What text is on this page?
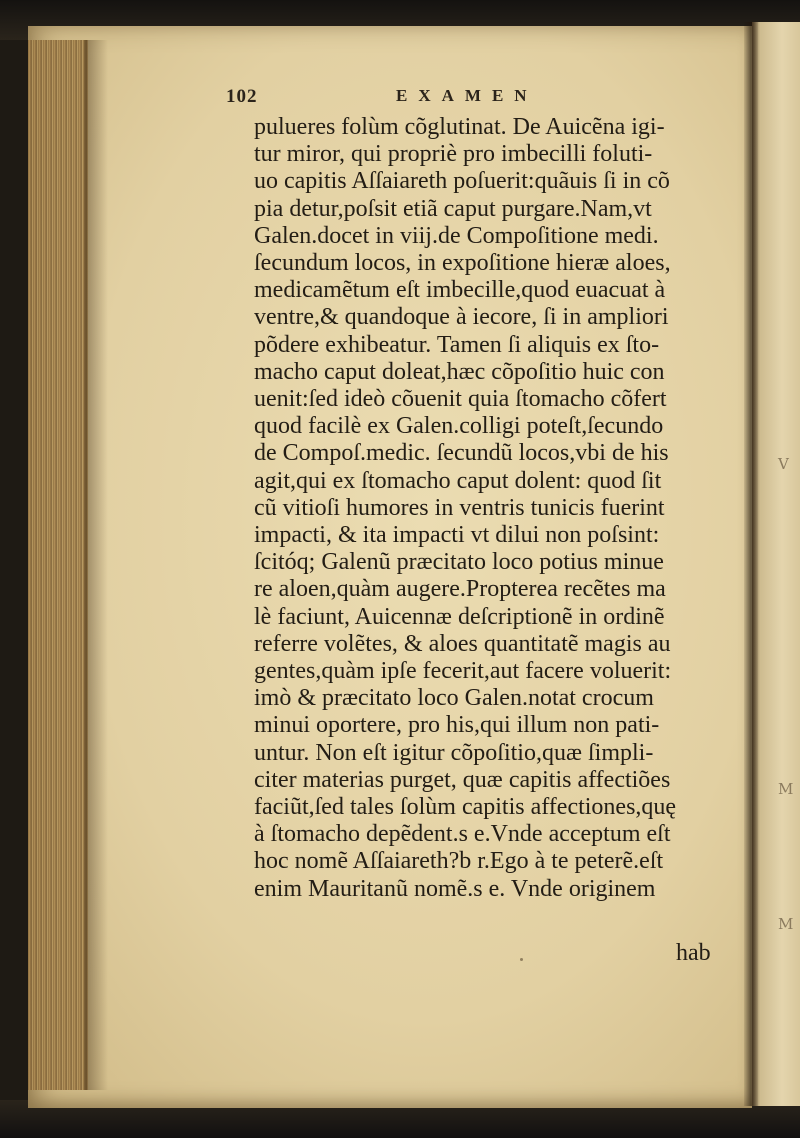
V
M
M
102	EXAMEN
pulueres folùm cõglutinat. De Auicẽna igi-
tur miror, qui propriè pro imbecilli foluti-
uo capitis Aſſaiareth poſuerit:quãuis ſi in cõ
pia detur,poſsit etiã caput purgare.Nam,vt
Galen.docet in viij.de Compoſitione medi.
ſecundum locos, in expoſitione hieræ aloes,
medicamẽtum eſt imbecille,quod euacuat à
ventre,& quandoque à iecore, ſi in ampliori
põdere exhibeatur. Tamen ſi aliquis ex ſto-
macho caput doleat,hæc cõpoſitio huic con
uenit:ſed ideò cõuenit quia ſtomacho cõfert
quod facilè ex Galen.colligi poteſt,ſecundo
de Compoſ.medic. ſecundũ locos,vbi de his
agit,qui ex ſtomacho caput dolent: quod ſit
cũ vitioſi humores in ventris tunicis fuerint
impacti, & ita impacti vt dilui non poſsint:
ſcitóq; Galenũ præcitato loco potius minue
re aloen,quàm augere.Propterea recẽtes ma
lè faciunt, Auicennæ deſcriptionẽ in ordinẽ
referre volẽtes, & aloes quantitatẽ magis au
gentes,quàm ipſe fecerit,aut facere voluerit:
imò & præcitato loco Galen.notat crocum
minui oportere, pro his,qui illum non pati-
untur. Non eſt igitur cõpoſitio,quæ ſimpli-
citer materias purget, quæ capitis affectiões
faciũt,ſed tales ſolùm capitis affectiones,quę
à ſtomacho depẽdent.s e.Vnde acceptum eſt
hoc nomẽ Aſſaiareth?b r.Ego à te peterẽ.eſt
enim Mauritanũ nomẽ.s e. Vnde originem
hab
